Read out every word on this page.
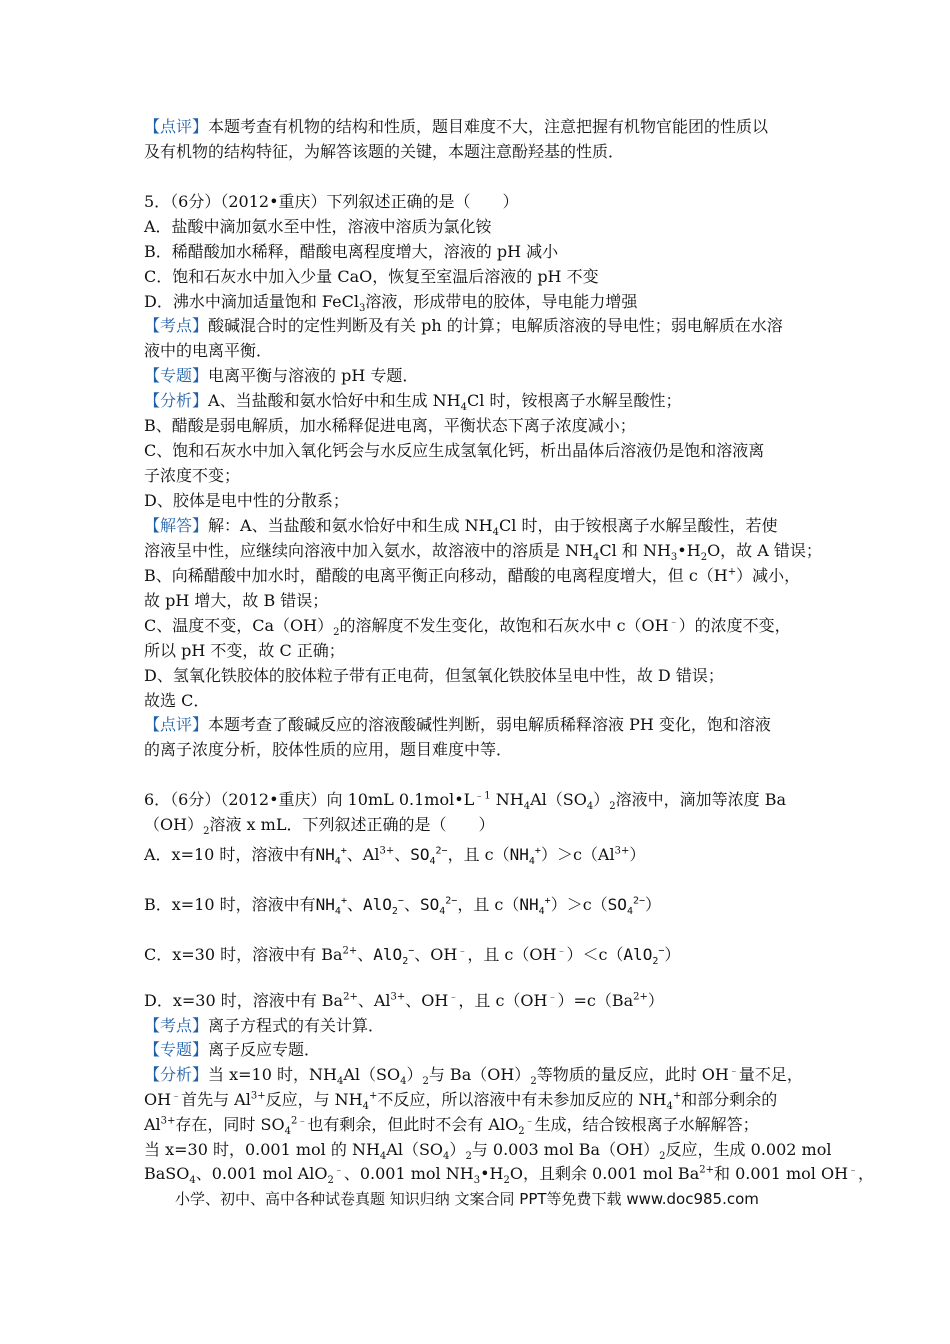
【点评】本题考查有机物的结构和性质，题目难度不大，注意把握有机物官能团的性质以
及有机物的结构特征，为解答该题的关键，本题注意酚羟基的性质．
5．（6分）（2012•重庆）下列叙述正确的是（　　）
A．盐酸中滴加氨水至中性，溶液中溶质为氯化铵
B．稀醋酸加水稀释，醋酸电离程度增大，溶液的 pH 减小
C．饱和石灰水中加入少量 CaO，恢复至室温后溶液的 pH 不变
D．沸水中滴加适量饱和 FeCl$_3$溶液，形成带电的胶体，导电能力增强
【考点】酸碱混合时的定性判断及有关 ph 的计算；电解质溶液的导电性；弱电解质在水溶
液中的电离平衡．
【专题】电离平衡与溶液的 pH 专题．
【分析】A、当盐酸和氨水恰好中和生成 $NH_4Cl$ 时，铵根离子水解呈酸性；
B、醋酸是弱电解质，加水稀释促进电离，平衡状态下离子浓度减小；
C、饱和石灰水中加入氧化钙会与水反应生成氢氧化钙，析出晶体后溶液仍是饱和溶液离
子浓度不变；
D、胶体是电中性的分散系；
【解答】解：A、当盐酸和氨水恰好中和生成 $NH_4Cl$ 时，由于铵根离子水解呈酸性，若使
溶液呈中性，应继续向溶液中加入氨水，故溶液中的溶质是 $NH_4Cl$ 和 $NH_3•H_2O$，故 A 错误；
B、向稀醋酸中加水时，醋酸的电离平衡正向移动，醋酸的电离程度增大，但 c（H+）减小，
故 pH 增大，故 B 错误；
C、温度不变，$Ca(OH)_2$的溶解度不发生变化，故饱和石灰水中 c（OH﹣）的浓度不变，
所以 pH 不变，故 C 正确；
D、氢氧化铁胶体的胶体粒子带有正电荷，但氢氧化铁胶体呈电中性，故 D 错误；
故选 C．
【点评】本题考查了酸碱反应的溶液酸碱性判断，弱电解质稀释溶液 PH 变化，饱和溶液
的离子浓度分析，胶体性质的应用，题目难度中等．
6．（6分）（2012•重庆）向 10mL $0.1mol•L^{﹣1}$ $NH_4Al(SO_4)_2$溶液中，滴加等浓度 Ba
$(OH)_2$溶液 x mL．下列叙述正确的是（　　）
A．x=10 时，溶液中有$NH_4^+$、$Al^{3+}$、$SO_4^{2-}$，且 $c(NH_4^+)>c(Al^{3+})$
B．x=10 时，溶液中有$NH_4^+$、AlO$_2$−、$SO_4^{2-}$，且 $c(NH_4^+)>c(SO_4^{2-})$
C．x=30 时，溶液中有 $Ba^{2+}$、AlO$_2$−、OH﹣，且 c（OH﹣）＜c（AlO$_2$−）
D．x=30 时，溶液中有 $Ba^{2+}$、$Al^{3+}$、OH﹣，且 $c(OH^﹣)=c(Ba^{2+})$
【考点】离子方程式的有关计算．
【专题】离子反应专题．
【分析】当 x=10 时，$NH_4Al(SO_4)_2$与 $Ba(OH)_2$等物质的量反应，此时 OH﹣量不足，
OH﹣首先与 $Al^{3+}$反应，与 $NH_4^+$不反应，所以溶液中有未参加反应的 $NH_4^+$和部分剩余的
$Al^{3+}$存在，同时 $SO_4^{2﹣}$也有剩余，但此时不会有 AlO$_2$﹣生成，结合铵根离子水解解答；
当 x=30 时，0.001 mol 的 $NH_4Al(SO_4)_2$与 0.003 mol $Ba(OH)_2$反应，生成 0.002 mol
BaSO$_4$、0.001 mol AlO$_2$﹣、0.001 mol $NH_3•H_2O$，且剩余 0.001 mol $Ba^{2+}$和 0.001 mol OH﹣，
小学、初中、高中各种试卷真题 知识归纳 文案合同 PPT等免费下载 www.doc985.com
